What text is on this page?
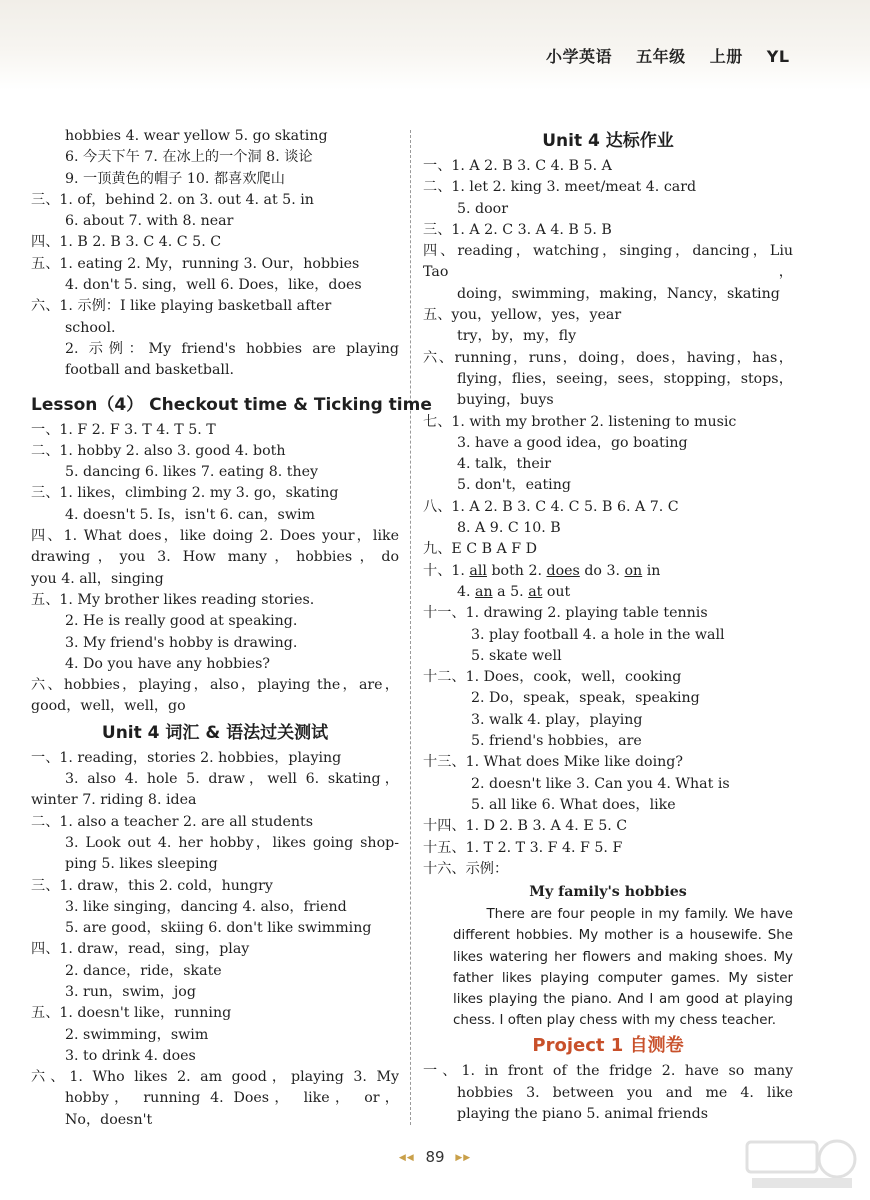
小学英语 五年级 上册 YL
hobbies 4. wear yellow 5. go skating
6. 今天下午 7. 在冰上的一个洞 8. 谈论
9. 一顶黄色的帽子 10. 都喜欢爬山
三、1. of，behind 2. on 3. out 4. at 5. in
6. about 7. with 8. near
四、1. B 2. B 3. C 4. C 5. C
五、1. eating 2. My，running 3. Our，hobbies
4. don't 5. sing，well 6. Does，like，does
六、1. 示例：I like playing basketball after
school.
2. 示例：My friend's hobbies are playing
football and basketball.
Lesson（4） Checkout time & Ticking time
一、1. F 2. F 3. T 4. T 5. T
二、1. hobby 2. also 3. good 4. both
5. dancing 6. likes 7. eating 8. they
三、1. likes，climbing 2. my 3. go，skating
4. doesn't 5. Is，isn't 6. can，swim
四、1. What does，like doing 2. Does your，like
drawing，you 3. How many，hobbies，do
you 4. all，singing
五、1. My brother likes reading stories.
2. He is really good at speaking.
3. My friend's hobby is drawing.
4. Do you have any hobbies?
六、hobbies，playing，also，playing the，are，
good，well，well，go
Unit 4 词汇 & 语法过关测试
一、1. reading，stories 2. hobbies，playing
3. also 4. hole 5. draw，well 6. skating，
winter 7. riding 8. idea
二、1. also a teacher 2. are all students
3. Look out 4. her hobby，likes going shop-
ping 5. likes sleeping
三、1. draw，this 2. cold，hungry
3. like singing，dancing 4. also，friend
5. are good，skiing 6. don't like swimming
四、1. draw，read，sing，play
2. dance，ride，skate
3. run，swim，jog
五、1. doesn't like，running
2. swimming，swim
3. to drink 4. does
六、1. Who likes 2. am good，playing 3. My
hobby， running 4. Does， like， or，
No，doesn't
Unit 4 达标作业
一、1. A 2. B 3. C 4. B 5. A
二、1. let 2. king 3. meet/meat 4. card
5. door
三、1. A 2. C 3. A 4. B 5. B
四、reading，watching，singing，dancing，Liu Tao，
doing，swimming，making，Nancy，skating
五、you，yellow，yes，year
try，by，my，fly
六、running，runs，doing，does，having，has，
flying，flies，seeing，sees，stopping，stops，
buying，buys
七、1. with my brother 2. listening to music
3. have a good idea，go boating
4. talk，their
5. don't，eating
八、1. A 2. B 3. C 4. C 5. B 6. A 7. C
8. A 9. C 10. B
九、E C B A F D
十、1. all both 2. does do 3. on in
4. an a 5. at out
十一、1. drawing 2. playing table tennis
3. play football 4. a hole in the wall
5. skate well
十二、1. Does，cook，well，cooking
2. Do，speak，speak，speaking
3. walk 4. play，playing
5. friend's hobbies，are
十三、1. What does Mike like doing?
2. doesn't like 3. Can you 4. What is
5. all like 6. What does，like
十四、1. D 2. B 3. A 4. E 5. C
十五、1. T 2. T 3. F 4. F 5. F
十六、示例：
My family's hobbies
There are four people in my family. We have different hobbies. My mother is a housewife. She likes watering her flowers and making shoes. My father likes playing computer games. My sister likes playing the piano. And I am good at playing chess. I often play chess with my chess teacher.
Project 1 自测卷
一、1. in front of the fridge 2. have so many
hobbies 3. between you and me 4. like
playing the piano 5. animal friends
◀◀ 89 ▶▶
